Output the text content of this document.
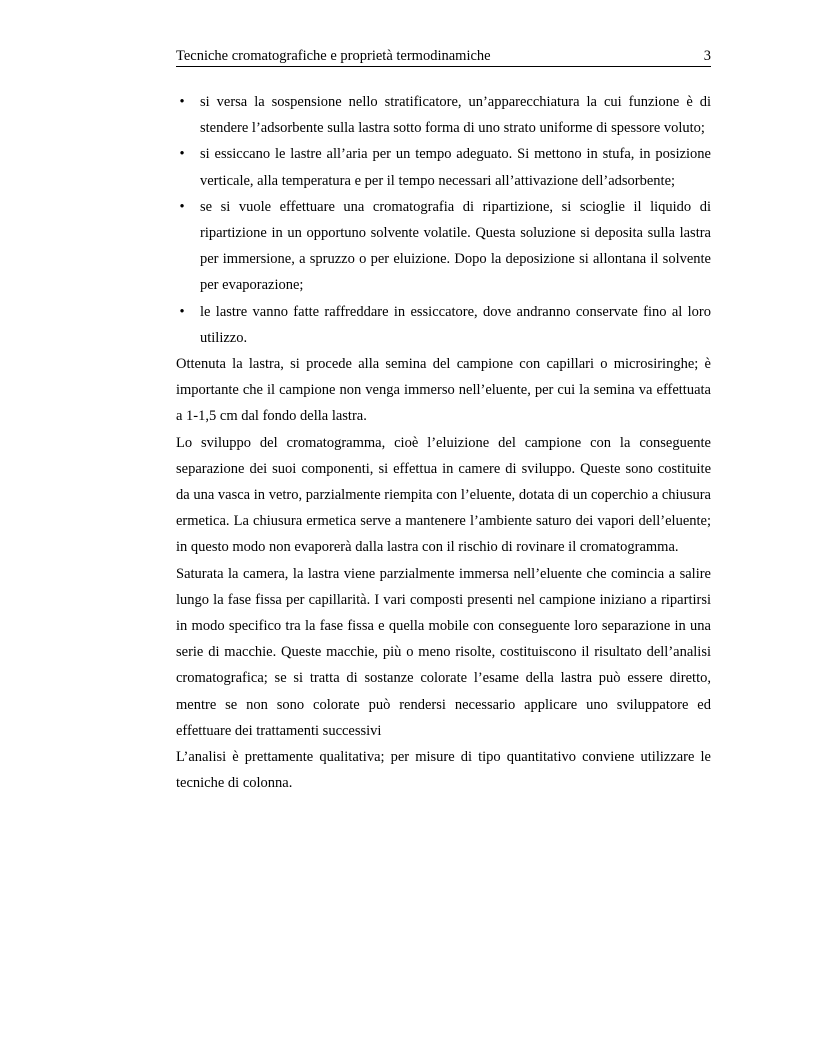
Tecniche cromatografiche e proprietà termodinamiche	3
• si versa la sospensione nello stratificatore, un’apparecchiatura la cui funzione è di stendere l’adsorbente sulla lastra sotto forma di uno strato uniforme di spessore voluto;
• si essiccano le lastre all’aria per un tempo adeguato. Si mettono in stufa, in posizione verticale, alla temperatura e per il tempo necessari all’attivazione dell’adsorbente;
• se si vuole effettuare una cromatografia di ripartizione, si scioglie il liquido di ripartizione in un opportuno solvente volatile. Questa soluzione si deposita sulla lastra per immersione, a spruzzo o per eluizione. Dopo la deposizione si allontana il solvente per evaporazione;
• le lastre vanno fatte raffreddare in essiccatore, dove andranno conservate fino al loro utilizzo.

Ottenuta la lastra, si procede alla semina del campione con capillari o microsiringhe; è importante che il campione non venga immerso nell’eluente, per cui la semina va effettuata a 1-1,5 cm dal fondo della lastra.

Lo sviluppo del cromatogramma, cioè l’eluizione del campione con la conseguente separazione dei suoi componenti, si effettua in camere di sviluppo. Queste sono costituite da una vasca in vetro, parzialmente riempita con l’eluente, dotata di un coperchio a chiusura ermetica. La chiusura ermetica serve a mantenere l’ambiente saturo dei vapori dell’eluente; in questo modo non evaporerà dalla lastra con il rischio di rovinare il cromatogramma.

Saturata la camera, la lastra viene parzialmente immersa nell’eluente che comincia a salire lungo la fase fissa per capillarità. I vari composti presenti nel campione iniziano a ripartirsi in modo specifico tra la fase fissa e quella mobile con conseguente loro separazione in una serie di macchie. Queste macchie, più o meno risolte, costituiscono il risultato dell’analisi cromatografica; se si tratta di sostanze colorate l’esame della lastra può essere diretto, mentre se non sono colorate può rendersi necessario applicare uno sviluppatore ed effettuare dei trattamenti successivi

L’analisi è prettamente qualitativa; per misure di tipo quantitativo conviene utilizzare le tecniche di colonna.
